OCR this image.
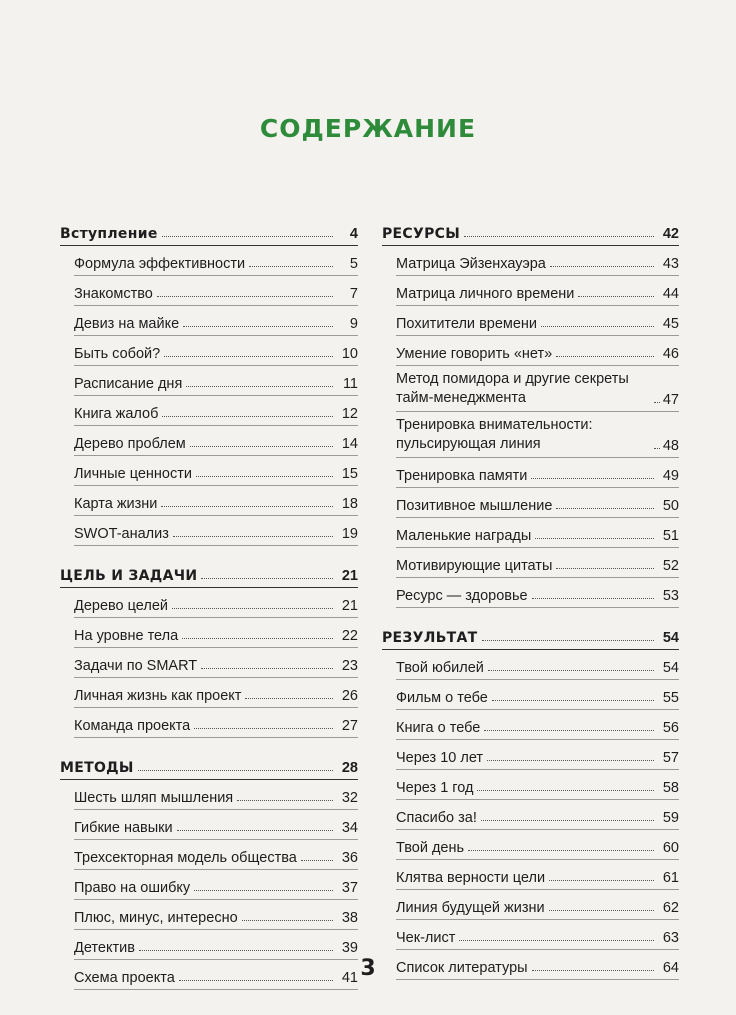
СОДЕРЖАНИЕ
Вступление	4
Формула эффективности	5
Знакомство	7
Девиз на майке	9
Быть собой?	10
Расписание дня	11
Книга жалоб	12
Дерево проблем	14
Личные ценности	15
Карта жизни	18
SWOT-анализ	19
ЦЕЛЬ И ЗАДАЧИ	21
Дерево целей	21
На уровне тела	22
Задачи по SMART	23
Личная жизнь как проект	26
Команда проекта	27
МЕТОДЫ	28
Шесть шляп мышления	32
Гибкие навыки	34
Трехсекторная модель общества	36
Право на ошибку	37
Плюс, минус, интересно	38
Детектив	39
Схема проекта	41
РЕСУРСЫ	42
Матрица Эйзенхауэра	43
Матрица личного времени	44
Похитители времени	45
Умение говорить «нет»	46
Метод помидора и другие секреты тайм-менеджмента	47
Тренировка внимательности: пульсирующая линия	48
Тренировка памяти	49
Позитивное мышление	50
Маленькие награды	51
Мотивирующие цитаты	52
Ресурс — здоровье	53
РЕЗУЛЬТАТ	54
Твой юбилей	54
Фильм о тебе	55
Книга о тебе	56
Через 10 лет	57
Через 1 год	58
Спасибо за!	59
Твой день	60
Клятва верности цели	61
Линия будущей жизни	62
Чек-лист	63
Список литературы	64
3
